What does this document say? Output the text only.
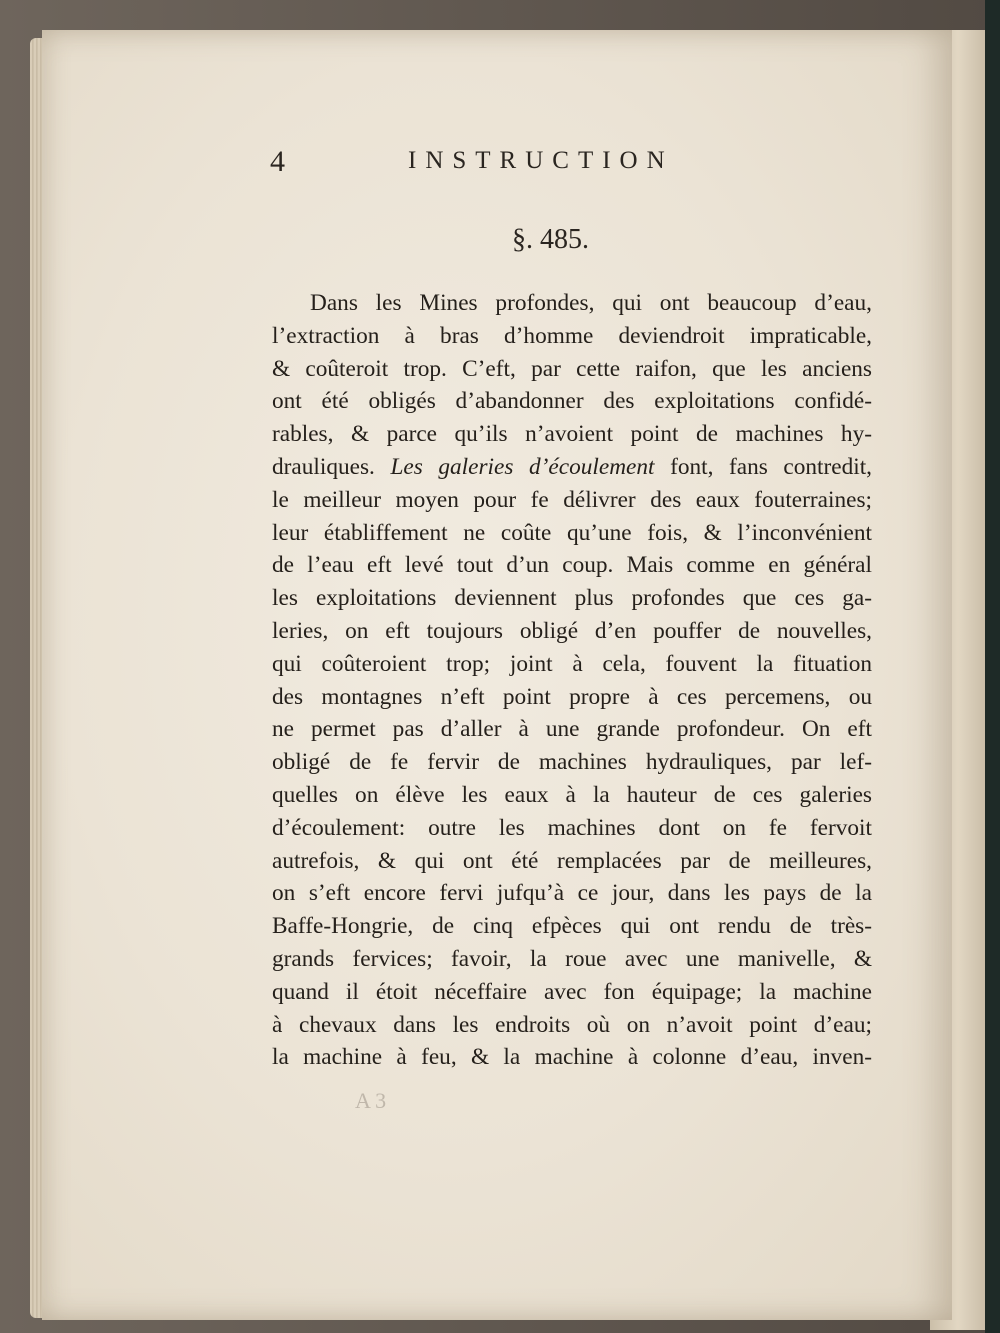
4	INSTRUCTION
§. 485.
Dans les Mines profondes, qui ont beaucoup d’eau,
l’extraction à bras d’homme deviendroit impraticable,
& coûteroit trop. C’eft, par cette raifon, que les anciens
ont été obligés d’abandonner des exploitations confidé-
rables, & parce qu’ils n’avoient point de machines hy-
drauliques. Les galeries d’écoulement font, fans contredit,
le meilleur moyen pour fe délivrer des eaux fouterraines;
leur établiffement ne coûte qu’une fois, & l’inconvénient
de l’eau eft levé tout d’un coup. Mais comme en général
les exploitations deviennent plus profondes que ces ga-
leries, on eft toujours obligé d’en pouffer de nouvelles,
qui coûteroient trop; joint à cela, fouvent la fituation
des montagnes n’eft point propre à ces percemens, ou
ne permet pas d’aller à une grande profondeur. On eft
obligé de fe fervir de machines hydrauliques, par lef-
quelles on élève les eaux à la hauteur de ces galeries
d’écoulement: outre les machines dont on fe fervoit
autrefois, & qui ont été remplacées par de meilleures,
on s’eft encore fervi jufqu’à ce jour, dans les pays de la
Baffe-Hongrie, de cinq efpèces qui ont rendu de très-
grands fervices; favoir, la roue avec une manivelle, &
quand il étoit néceffaire avec fon équipage; la machine
à chevaux dans les endroits où on n’avoit point d’eau;
la machine à feu, & la machine à colonne d’eau, inven-
A 3
